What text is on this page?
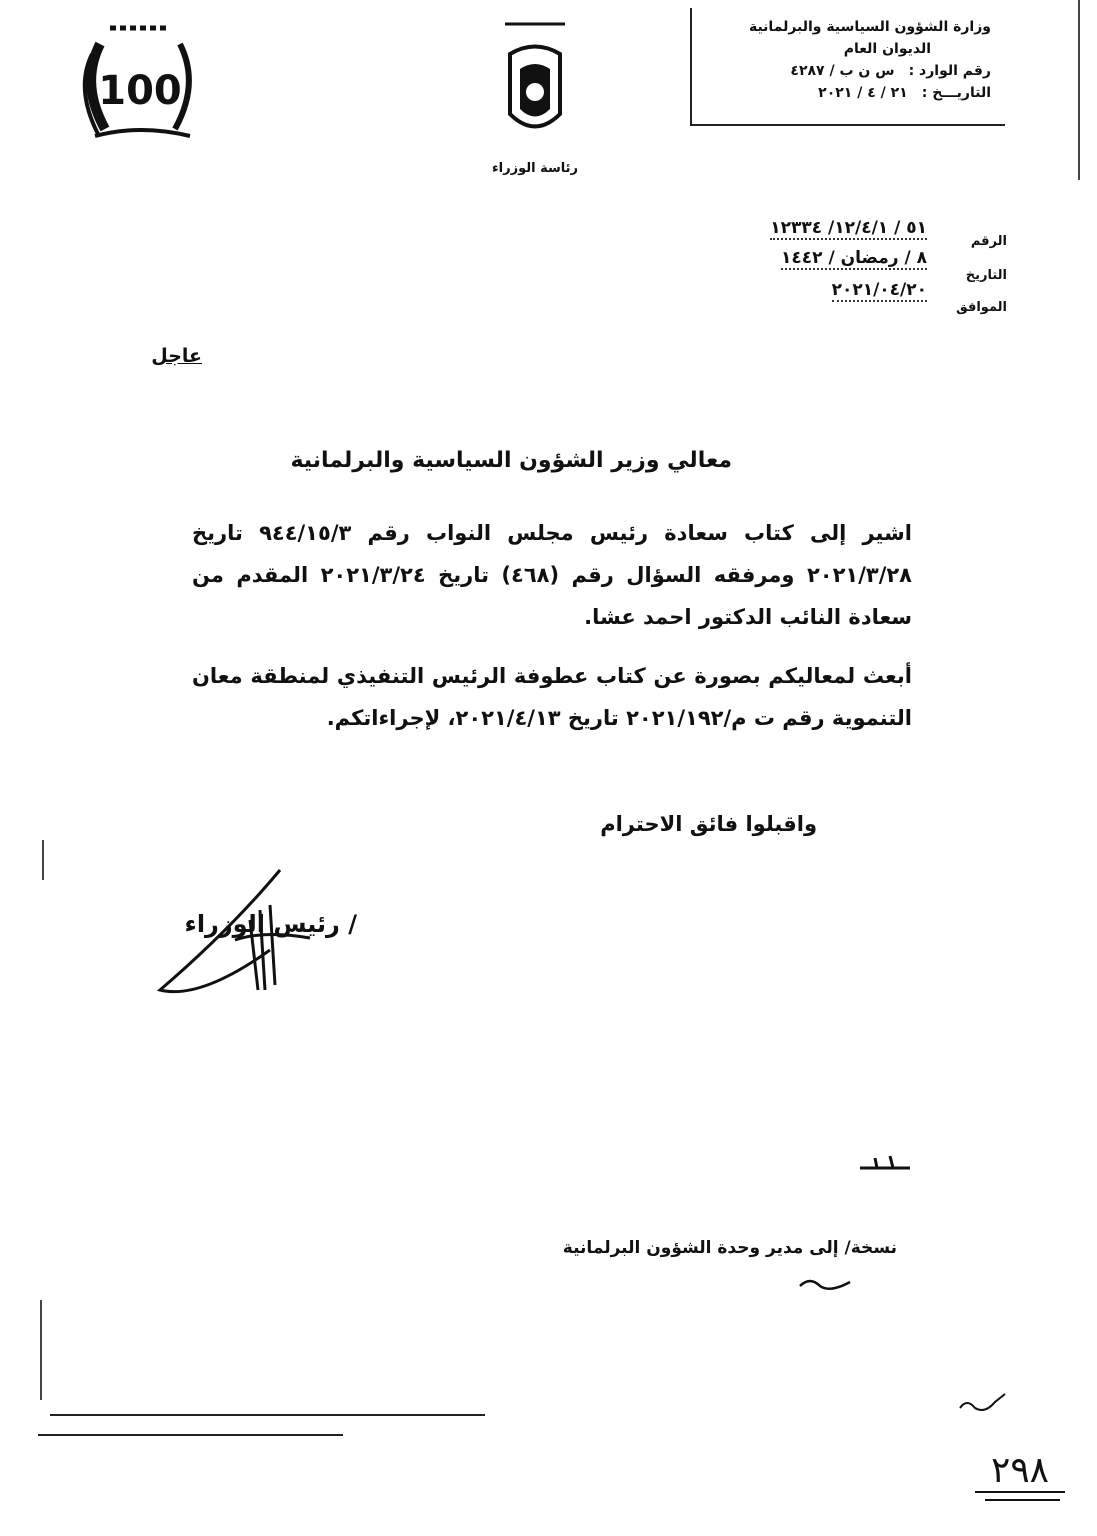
100
رئاسة الوزراء
وزارة الشؤون السياسية والبرلمانية
الديوان العام
رقم الوارد :
س ن ب / ٤٢٨٧
التاريـــخ :
٢١ / ٤ / ٢٠٢١
الرقم
٥١ / ١٢/٤/١/ ١٢٣٣٤
التاريخ
٨ / رمضان / ١٤٤٢
الموافق
٢٠٢١/٠٤/٢٠
عاجل
معالي وزير الشؤون السياسية والبرلمانية
اشير إلى كتاب سعادة رئيس مجلس النواب رقم ٩٤٤/١٥/٣ تاريخ ٢٠٢١/٣/٢٨ ومرفقه السؤال رقم (٤٦٨) تاريخ ٢٠٢١/٣/٢٤ المقدم من سعادة النائب الدكتور احمد عشا.
أبعث لمعاليكم بصورة عن كتاب عطوفة الرئيس التنفيذي لمنطقة معان التنموية رقم ت م/٢٠٢١/١٩٢ تاريخ ٢٠٢١/٤/١٣، لإجراءاتكم.
واقبلوا فائق الاحترام
/ رئيس الوزراء
نسخة/ إلى مدير وحدة الشؤون البرلمانية
٢٩٨
